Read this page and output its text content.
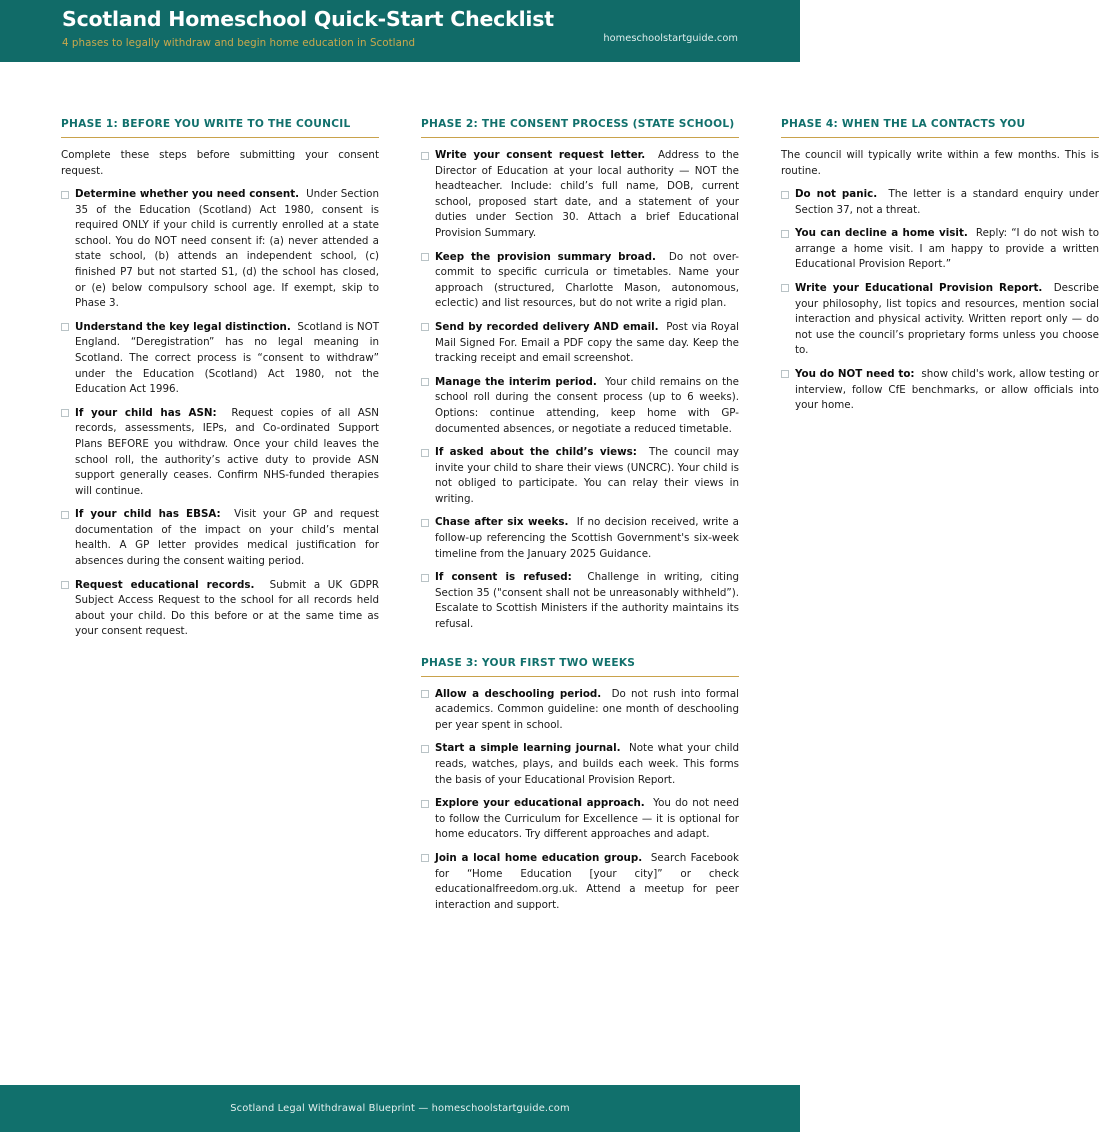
Scotland Homeschool Quick-Start Checklist
4 phases to legally withdraw and begin home education in Scotland	homeschoolstartguide.com
PHASE 1: BEFORE YOU WRITE TO THE COUNCIL

Complete these steps before submitting your consent request.

Determine whether you need consent. Under Section 35 of the Education (Scotland) Act 1980, consent is required ONLY if your child is currently enrolled at a state school. You do NOT need consent if: (a) never attended a state school, (b) attends an independent school, (c) finished P7 but not started S1, (d) the school has closed, or (e) below compulsory school age. If exempt, skip to Phase 3.
Understand the key legal distinction. Scotland is NOT England. “Deregistration” has no legal meaning in Scotland. The correct process is “consent to withdraw” under the Education (Scotland) Act 1980, not the Education Act 1996.
If your child has ASN: Request copies of all ASN records, assessments, IEPs, and Co-ordinated Support Plans BEFORE you withdraw. Once your child leaves the school roll, the authority’s active duty to provide ASN support generally ceases. Confirm NHS-funded therapies will continue.
If your child has EBSA: Visit your GP and request documentation of the impact on your child’s mental health. A GP letter provides medical justification for absences during the consent waiting period.
Request educational records. Submit a UK GDPR Subject Access Request to the school for all records held about your child. Do this before or at the same time as your consent request.
PHASE 2: THE CONSENT PROCESS (STATE SCHOOL)
Write your consent request letter. Address to the Director of Education at your local authority — NOT the headteacher. Include: child’s full name, DOB, current school, proposed start date, and a statement of your duties under Section 30. Attach a brief Educational Provision Summary.
Keep the provision summary broad. Do not over-commit to specific curricula or timetables. Name your approach (structured, Charlotte Mason, autonomous, eclectic) and list resources, but do not write a rigid plan.
Send by recorded delivery AND email. Post via Royal Mail Signed For. Email a PDF copy the same day. Keep the tracking receipt and email screenshot.
Manage the interim period. Your child remains on the school roll during the consent process (up to 6 weeks). Options: continue attending, keep home with GP-documented absences, or negotiate a reduced timetable.
If asked about the child’s views: The council may invite your child to share their views (UNCRC). Your child is not obliged to participate. You can relay their views in writing.
Chase after six weeks. If no decision received, write a follow-up referencing the Scottish Government's six-week timeline from the January 2025 Guidance.
If consent is refused: Challenge in writing, citing Section 35 ("consent shall not be unreasonably withheld”). Escalate to Scottish Ministers if the authority maintains its refusal.
PHASE 3: YOUR FIRST TWO WEEKS
Allow a deschooling period. Do not rush into formal academics. Common guideline: one month of deschooling per year spent in school.
Start a simple learning journal. Note what your child reads, watches, plays, and builds each week. This forms the basis of your Educational Provision Report.
Explore your educational approach. You do not need to follow the Curriculum for Excellence — it is optional for home educators. Try different approaches and adapt.
Join a local home education group. Search Facebook for “Home Education [your city]” or check educationalfreedom.org.uk. Attend a meetup for peer interaction and support.
PHASE 4: WHEN THE LA CONTACTS YOU

The council will typically write within a few months. This is routine.

Do not panic. The letter is a standard enquiry under Section 37, not a threat.
You can decline a home visit. Reply: “I do not wish to arrange a home visit. I am happy to provide a written Educational Provision Report.”
Write your Educational Provision Report. Describe your philosophy, list topics and resources, mention social interaction and physical activity. Written report only — do not use the council’s proprietary forms unless you choose to.
You do NOT need to: show child's work, allow testing or interview, follow CfE benchmarks, or allow officials into your home.
Scotland Legal Withdrawal Blueprint — homeschoolstartguide.com
